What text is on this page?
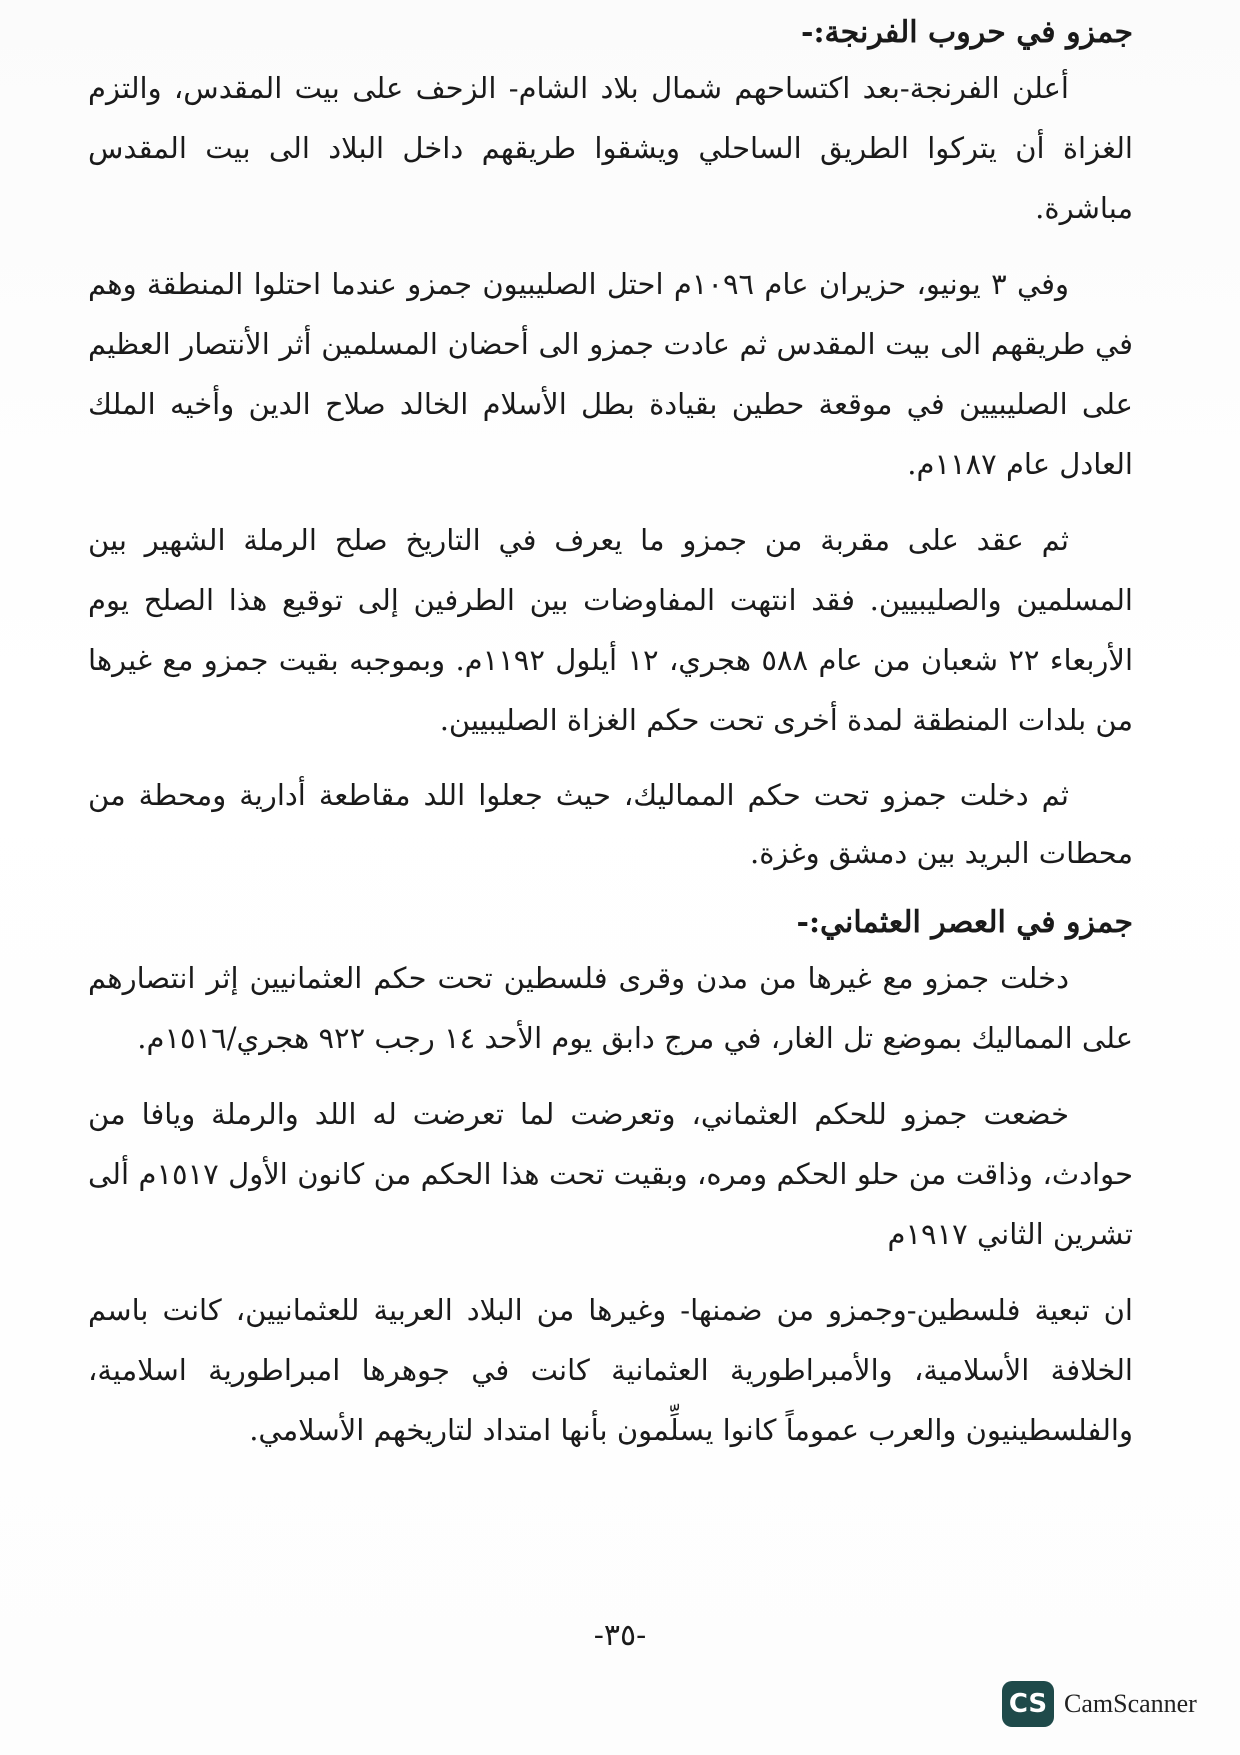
جمزو في حروب الفرنجة:-

أعلن الفرنجة-بعد اكتساحهم شمال بلاد الشام- الزحف على بيت المقدس، والتزم الغزاة أن يتركوا الطريق الساحلي ويشقوا طريقهم داخل البلاد الى بيت المقدس مباشرة.

وفي ٣ يونيو، حزيران عام ١٠٩٦م احتل الصليبيون جمزو عندما احتلوا المنطقة وهم في طريقهم الى بيت المقدس ثم عادت جمزو الى أحضان المسلمين أثر الأنتصار العظيم على الصليبيين في موقعة حطين بقيادة بطل الأسلام الخالد صلاح الدين وأخيه الملك العادل عام ١١٨٧م.

ثم عقد على مقربة من جمزو ما يعرف في التاريخ صلح الرملة الشهير بين المسلمين والصليبيين. فقد انتهت المفاوضات بين الطرفين إلى توقيع هذا الصلح يوم الأربعاء ٢٢ شعبان من عام ٥٨٨ هجري، ١٢ أيلول ١١٩٢م. وبموجبه بقيت جمزو مع غيرها من بلدات المنطقة لمدة أخرى تحت حكم الغزاة الصليبيين.

ثم دخلت جمزو تحت حكم المماليك، حيث جعلوا اللد مقاطعة أدارية ومحطة من محطات البريد بين دمشق وغزة.

جمزو في العصر العثماني:-

دخلت جمزو مع غيرها من مدن وقرى فلسطين تحت حكم العثمانيين إثر انتصارهم على المماليك بموضع تل الغار، في مرج دابق يوم الأحد ١٤ رجب ٩٢٢ هجري/١٥١٦م.

خضعت جمزو للحكم العثماني، وتعرضت لما تعرضت له اللد والرملة ويافا من حوادث، وذاقت من حلو الحكم ومره، وبقيت تحت هذا الحكم من كانون الأول ١٥١٧م ألى تشرين الثاني ١٩١٧م

ان تبعية فلسطين-وجمزو من ضمنها- وغيرها من البلاد العربية للعثمانيين، كانت باسم الخلافة الأسلامية، والأمبراطورية العثمانية كانت في جوهرها امبراطورية اسلامية، والفلسطينيون والعرب عموماً كانوا يسلِّمون بأنها امتداد لتاريخهم الأسلامي.

-٣٥-
CS CamScanner
